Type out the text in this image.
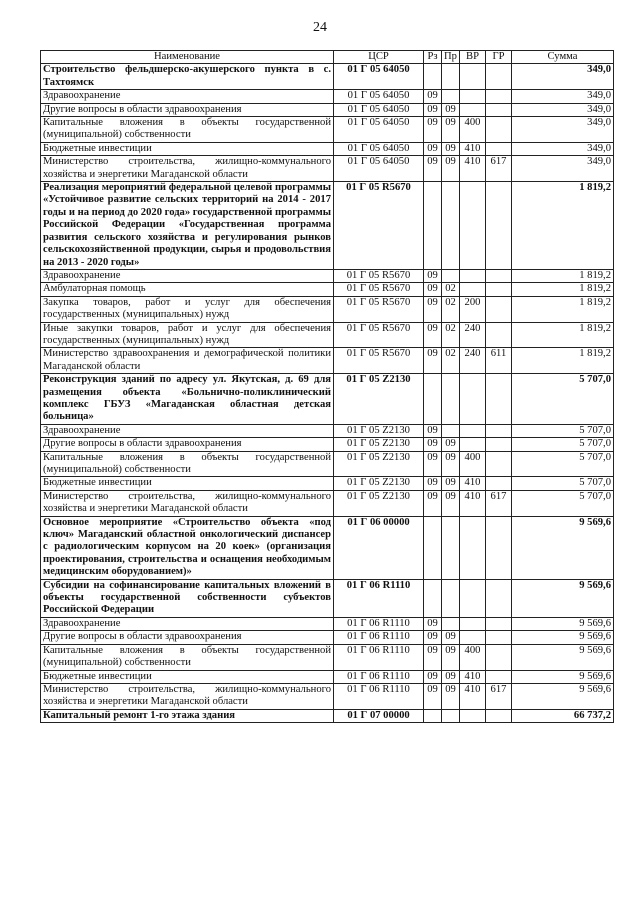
24
Наименование	ЦСР	Рз	Пр	ВР	ГР	Сумма
Строительство фельдшерско-акушерского пункта в с. Тахтоямск	01 Г 05 64050					349,0
Здравоохранение	01 Г 05 64050	09				349,0
Другие вопросы в области здравоохранения	01 Г 05 64050	09	09			349,0
Капитальные вложения в объекты государственной (муниципальной) собственности	01 Г 05 64050	09	09	400		349,0
Бюджетные инвестиции	01 Г 05 64050	09	09	410		349,0
Министерство строительства, жилищно-коммунального хозяйства и энергетики Магаданской области	01 Г 05 64050	09	09	410	617	349,0
Реализация мероприятий федеральной целевой программы «Устойчивое развитие сельских территорий на 2014 - 2017 годы и на период до 2020 года» государственной программы Российской Федерации «Государственная программа развития сельского хозяйства и регулирования рынков сельскохозяйственной продукции, сырья и продовольствия на 2013 - 2020 годы»	01 Г 05 R5670					1 819,2
Здравоохранение	01 Г 05 R5670	09				1 819,2
Амбулаторная помощь	01 Г 05 R5670	09	02			1 819,2
Закупка товаров, работ и услуг для обеспечения государственных (муниципальных) нужд	01 Г 05 R5670	09	02	200		1 819,2
Иные закупки товаров, работ и услуг для обеспечения государственных (муниципальных) нужд	01 Г 05 R5670	09	02	240		1 819,2
Министерство здравоохранения и демографической политики Магаданской области	01 Г 05 R5670	09	02	240	611	1 819,2
Реконструкция зданий по адресу ул. Якутская, д. 69 для размещения объекта «Больнично-поликлинический комплекс ГБУЗ «Магаданская областная детская больница»	01 Г 05 Z2130					5 707,0
Здравоохранение	01 Г 05 Z2130	09				5 707,0
Другие вопросы в области здравоохранения	01 Г 05 Z2130	09	09			5 707,0
Капитальные вложения в объекты государственной (муниципальной) собственности	01 Г 05 Z2130	09	09	400		5 707,0
Бюджетные инвестиции	01 Г 05 Z2130	09	09	410		5 707,0
Министерство строительства, жилищно-коммунального хозяйства и энергетики Магаданской области	01 Г 05 Z2130	09	09	410	617	5 707,0
Основное мероприятие «Строительство объекта «под ключ» Магаданский областной онкологический диспансер с радиологическим корпусом на 20 коек» (организация проектирования, строительства и оснащения необходимым медицинским оборудованием)»	01 Г 06 00000					9 569,6
Субсидии на софинансирование капитальных вложений в объекты государственной собственности субъектов Российской Федерации	01 Г 06 R1110					9 569,6
Здравоохранение	01 Г 06 R1110	09				9 569,6
Другие вопросы в области здравоохранения	01 Г 06 R1110	09	09			9 569,6
Капитальные вложения в объекты государственной (муниципальной) собственности	01 Г 06 R1110	09	09	400		9 569,6
Бюджетные инвестиции	01 Г 06 R1110	09	09	410		9 569,6
Министерство строительства, жилищно-коммунального хозяйства и энергетики Магаданской области	01 Г 06 R1110	09	09	410	617	9 569,6
Капитальный ремонт 1-го этажа здания	01 Г 07 00000					66 737,2
